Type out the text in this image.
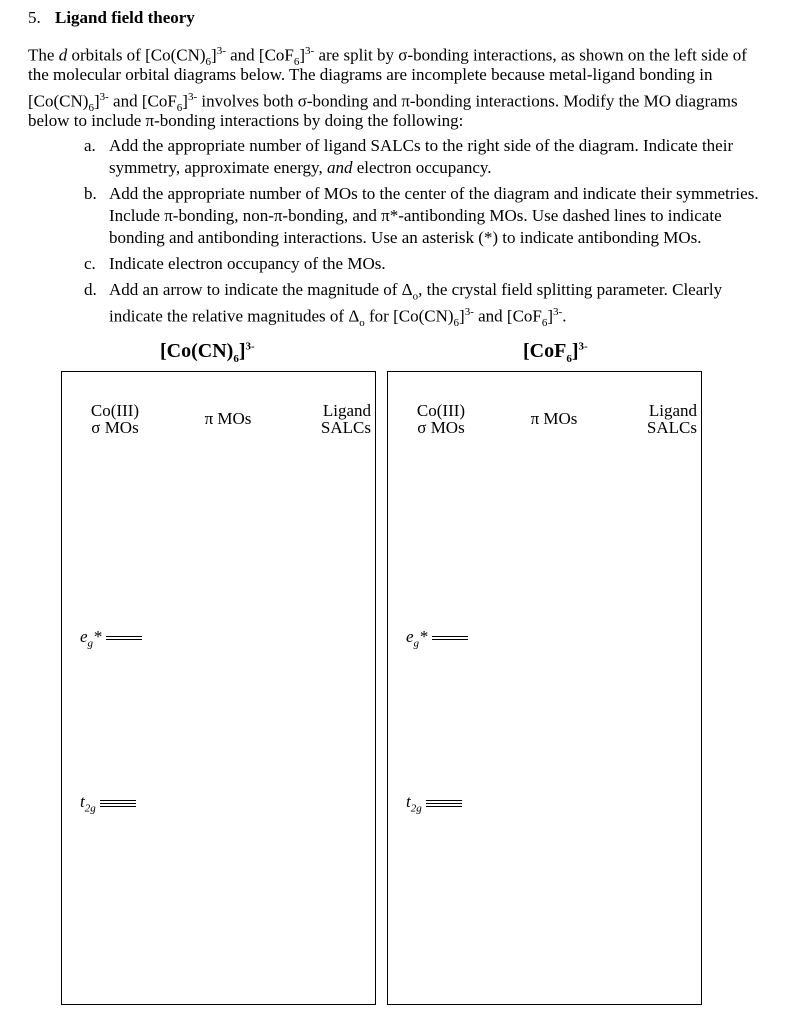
5. Ligand field theory
The d orbitals of $[Co(CN)_6]^{3-}$ and $[CoF_6]^{3-}$ are split by σ-bonding interactions, as shown on the left side of
the molecular orbital diagrams below. The diagrams are incomplete because metal-ligand bonding in
$[Co(CN)_6]^{3-}$ and $[CoF_6]^{3-}$ involves both σ-bonding and π-bonding interactions. Modify the MO diagrams
below to include π-bonding interactions by doing the following:
a. Add the appropriate number of ligand SALCs to the right side of the diagram. Indicate their
symmetry, approximate energy, and electron occupancy.
b. Add the appropriate number of MOs to the center of the diagram and indicate their symmetries.
Include π-bonding, non-π-bonding, and π*-antibonding MOs. Use dashed lines to indicate
bonding and antibonding interactions. Use an asterisk (*) to indicate antibonding MOs.
c. Indicate electron occupancy of the MOs.
d. Add an arrow to indicate the magnitude of $\Delta_o$, the crystal field splitting parameter. Clearly
indicate the relative magnitudes of $\Delta_o$ for $[Co(CN)_6]^{3-}$ and $[CoF_6]^{3-}$.
$[Co(CN)_6]^{3-}$	$[CoF_6]^{3-}$
Co(III)
σ MOs	π MOs	Ligand
SALCs
$e_g*$
$t_{2g}$
Co(III)
σ MOs	π MOs	Ligand
SALCs
$e_g*$
$t_{2g}$
